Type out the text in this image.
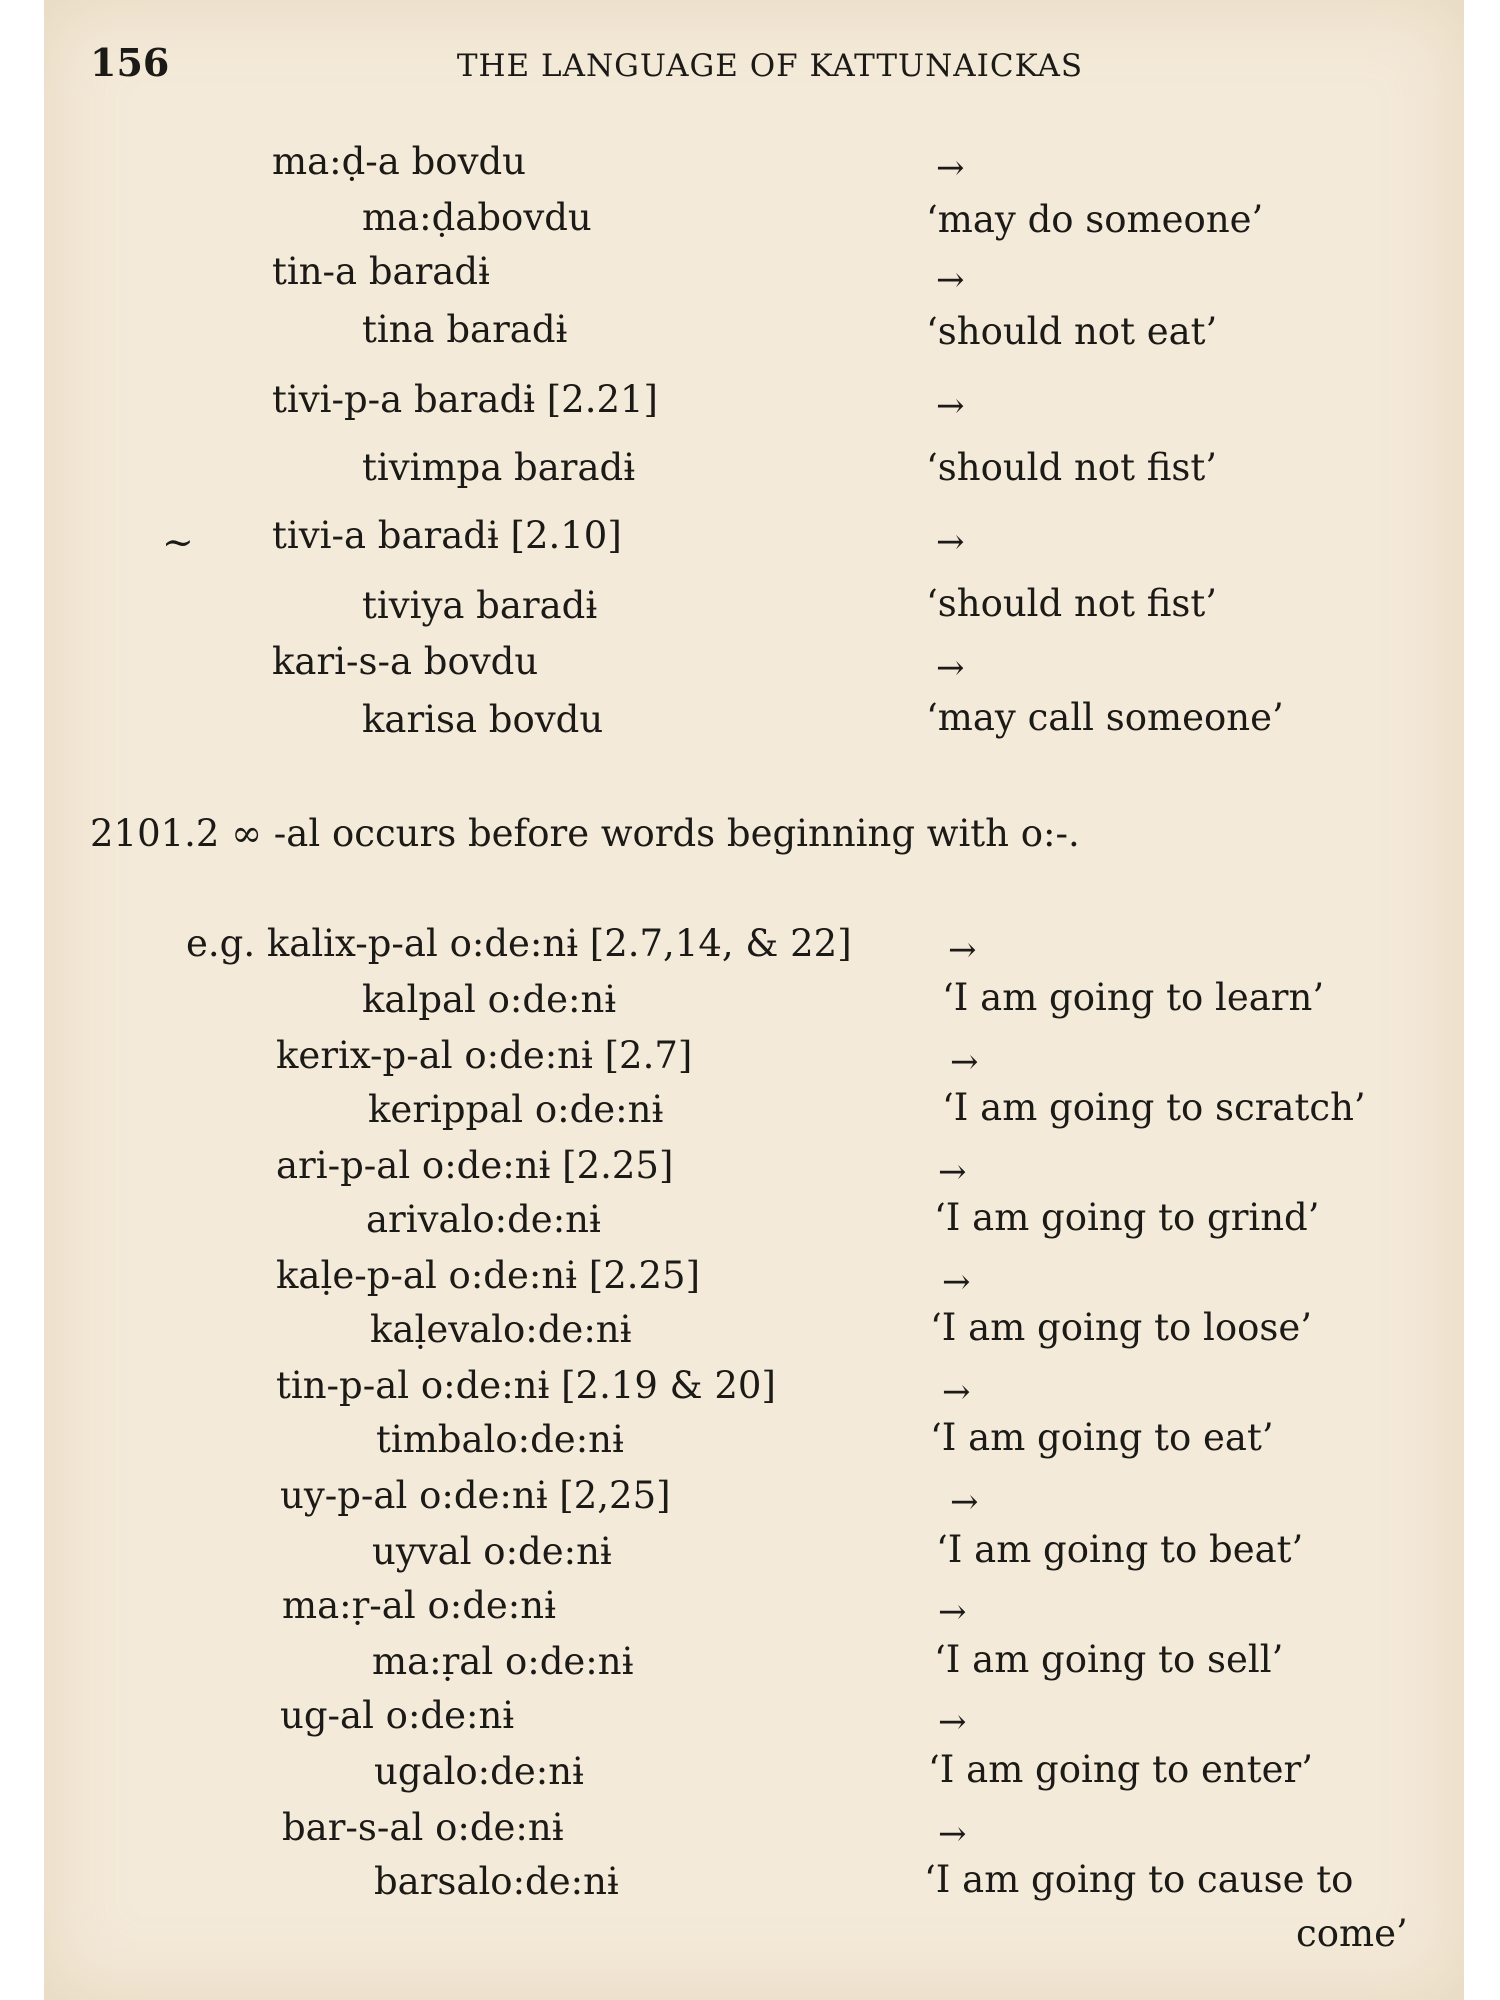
156	THE LANGUAGE OF KATTUNAICKAS
ma:ḍ-a bovdu	→
ma:ḍabovdu	‘may do someone’
tin-a baradɨ	→
tina baradɨ	‘should not eat’
tivi-p-a baradɨ [2.21]	→
tivimpa baradɨ	‘should not fist’
~ tivi-a baradɨ [2.10]	→
tiviya baradɨ	‘should not fist’
kari-s-a bovdu	→
karisa bovdu	‘may call someone’
2101.2 ∞ -al occurs before words beginning with o:-.
e.g. kalix-p-al o:de:nɨ [2.7,14, & 22]	→
kalpal o:de:nɨ	‘I am going to learn’
kerix-p-al o:de:nɨ [2.7]	→
kerippal o:de:nɨ	‘I am going to scratch’
ari-p-al o:de:nɨ [2.25]	→
arivalo:de:nɨ	‘I am going to grind’
kaḷe-p-al o:de:nɨ [2.25]	→
kaḷevalo:de:nɨ	‘I am going to loose’
tin-p-al o:de:nɨ [2.19 & 20]	→
timbalo:de:nɨ	‘I am going to eat’
uy-p-al o:de:nɨ [2,25]	→
uyval o:de:nɨ	‘I am going to beat’
ma:ṛ-al o:de:nɨ	→
ma:ṛal o:de:nɨ	‘I am going to sell’
ug-al o:de:nɨ	→
ugalo:de:nɨ	‘I am going to enter’
bar-s-al o:de:nɨ	→
barsalo:de:nɨ	‘I am going to cause to
come’
